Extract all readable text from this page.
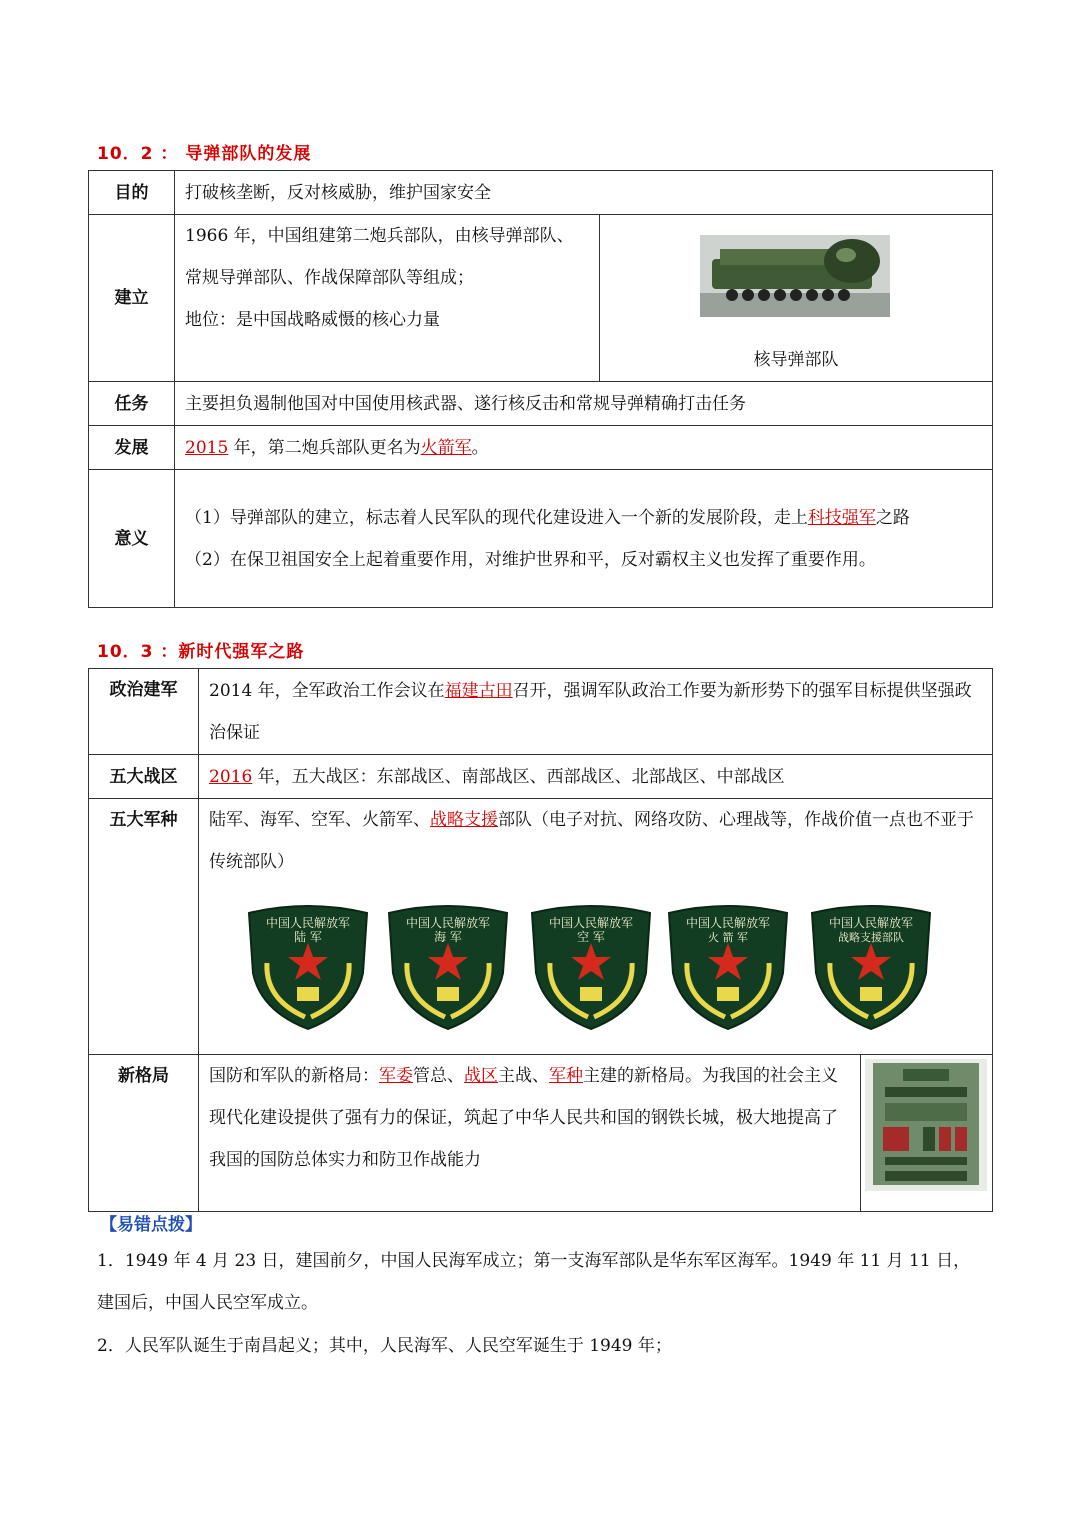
10．2 ： 导弹部队的发展
目的	打破核垄断，反对核威胁，维护国家安全	
建立	1966 年，中国组建第二炮兵部队，由核导弹部队、
常规导弹部队、作战保障部队等组成；
地位：是中国战略威慑的核心力量	核导弹部队

任务	主要担负遏制他国对中国使用核武器、遂行核反击和常规导弹精确打击任务	
发展	2015 年，第二炮兵部队更名为火箭军。	
意义	（1）导弹部队的建立，标志着人民军队的现代化建设进入一个新的发展阶段，走上科技强军之路
（2）在保卫祖国安全上起着重要作用，对维护世界和平，反对霸权主义也发挥了重要作用。	
10．3 ：新时代强军之路
政治建军	2014 年，全军政治工作会议在福建古田召开，强调军队政治工作要为新形势下的强军目标提供坚强政治保证	
五大战区	2016 年，五大战区：东部战区、南部战区、西部战区、北部战区、中部战区	
五大军种	陆军、海军、空军、火箭军、战略支援部队（电子对抗、网络攻防、心理战等，作战价值一点也不亚于传统部队）	

新格局	国防和军队的新格局：军委管总、战区主战、军种主建的新格局。为我国的社会主义现代化建设提供了强有力的保证，筑起了中华人民共和国的钢铁长城，极大地提高了我国的国防总体实力和防卫作战能力	
中国人民解放军
陆 军
中国人民解放军
海 军
中国人民解放军
空 军
中国人民解放军
火 箭 军
中国人民解放军
战略支援部队
【易错点拨】
1．1949 年 4 月 23 日，建国前夕，中国人民海军成立；第一支海军部队是华东军区海军。1949 年 11 月 11 日，建国后，中国人民空军成立。
2．人民军队诞生于南昌起义；其中，人民海军、人民空军诞生于 1949 年；
